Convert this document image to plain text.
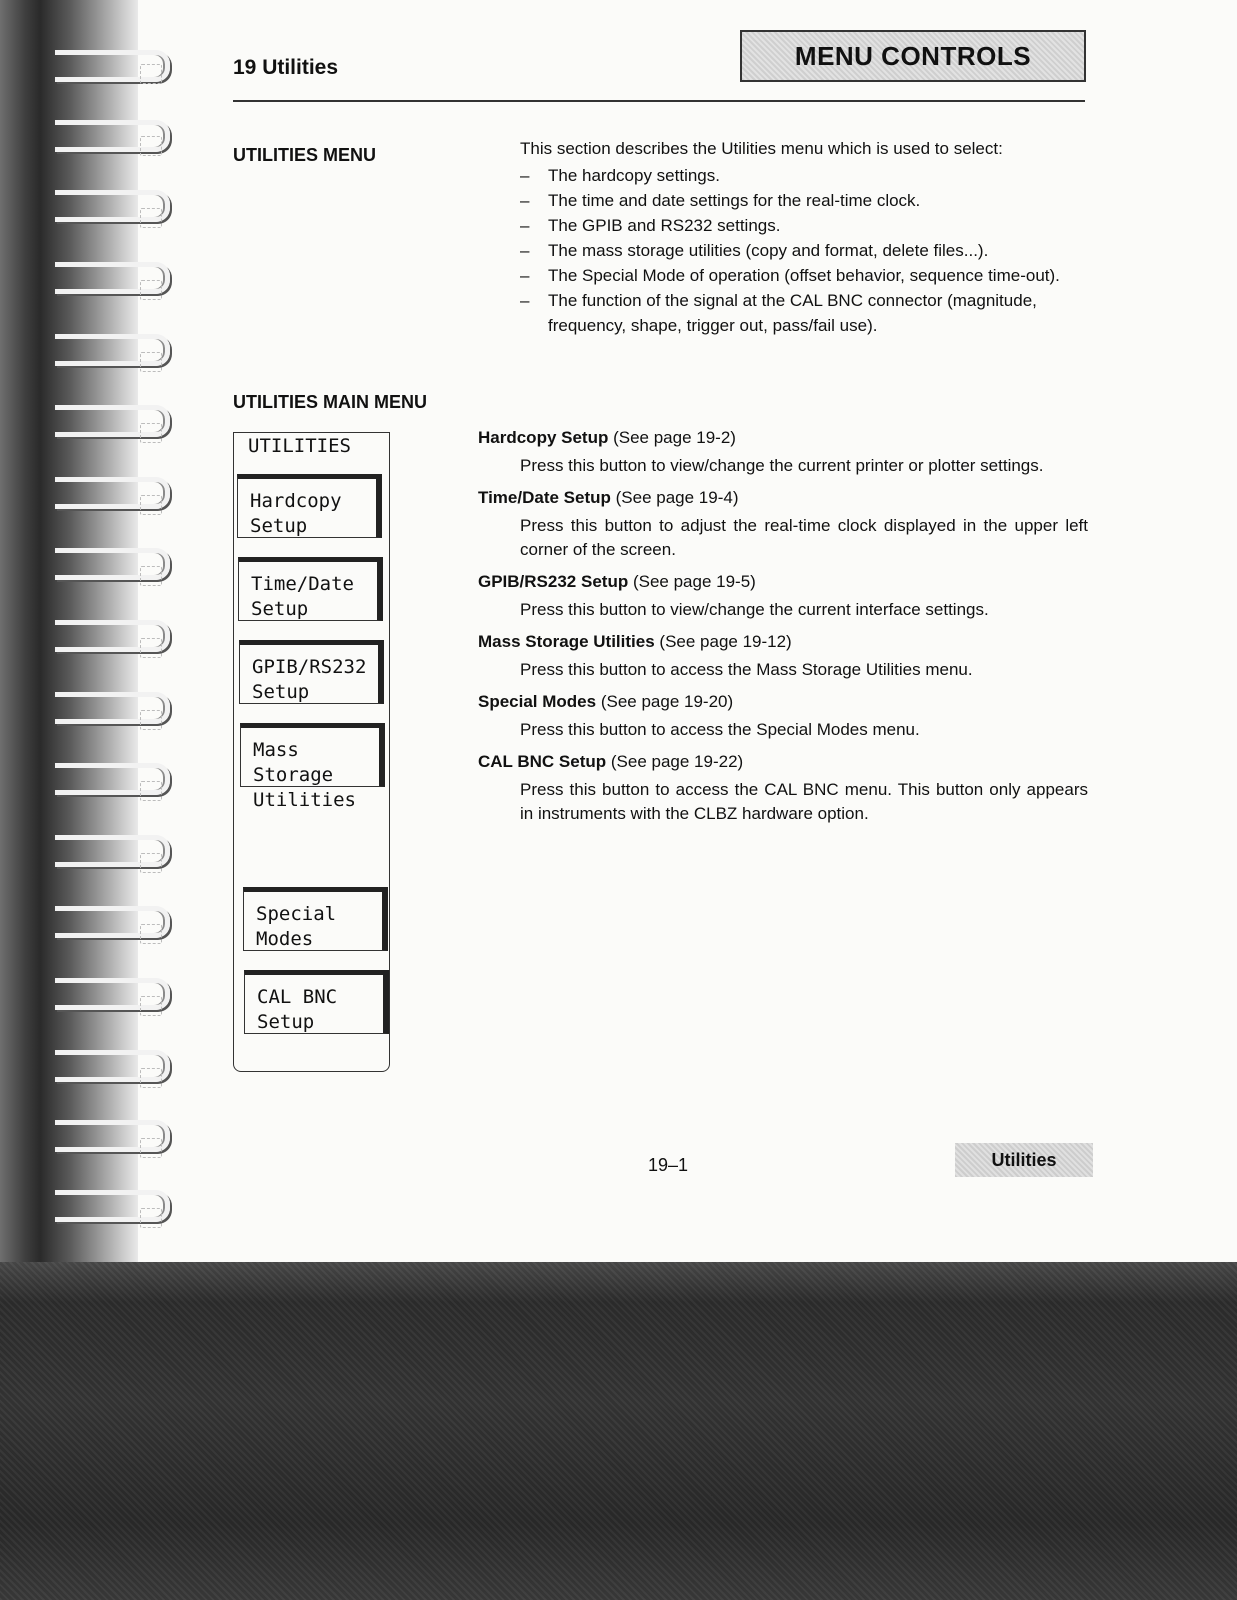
19 Utilities	MENU CONTROLS
UTILITIES MENU	This section describes the Utilities menu which is used to select:
– The hardcopy settings.
– The time and date settings for the real-time clock.
– The GPIB and RS232 settings.
– The mass storage utilities (copy and format, delete files...).
– The Special Mode of operation (offset behavior, sequence time-out).
– The function of the signal at the CAL BNC connector (magnitude, frequency, shape, trigger out, pass/fail use).
UTILITIES MAIN MENU
UTILITIES
Hardcopy
Setup
Time/Date
Setup
GPIB/RS232
Setup
Mass Storage
Utilities
Special
Modes
CAL BNC
Setup
Hardcopy Setup (See page 19-2)

Press this button to view/change the current printer or plotter settings.

Time/Date Setup (See page 19-4)

Press this button to adjust the real-time clock displayed in the upper left corner of the screen.

GPIB/RS232 Setup (See page 19-5)

Press this button to view/change the current interface settings.

Mass Storage Utilities (See page 19-12)

Press this button to access the Mass Storage Utilities menu.

Special Modes (See page 19-20)

Press this button to access the Special Modes menu.

CAL BNC Setup (See page 19-22)

Press this button to access the CAL BNC menu. This button only appears in instruments with the CLBZ hardware option.

19–1	Utilities
